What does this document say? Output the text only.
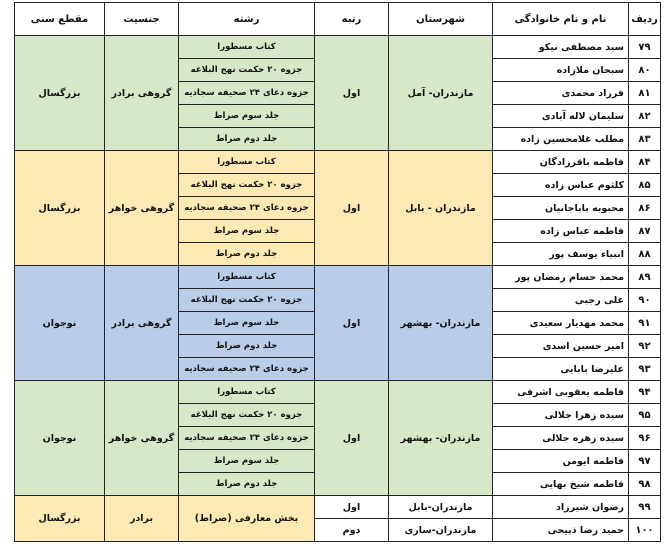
ردیف	نام و نام خانوادگی	شهرستان	رتبه	رشته	جنسیت	مقطع سنی
۷۹	سید مصطفی نیکو	مازندران- آمل	اول	کتاب مسطورا	گروهی برادر	بزرگسال
۸۰	سبحان ملازاده			جزوه ۲۰ حکمت نهج البلاغه		
۸۱	فرزاد محمدی			جزوه دعای ۲۴ صحیفه سجادیه		
۸۲	سلیمان لاله آبادی			جلد سوم صراط		
۸۳	مطلب غلامحسین زاده			جلد دوم صراط		
۸۴	فاطمه باقرزادگان	مازندران - بابل	اول	کتاب مسطورا	گروهی خواهر	بزرگسال
۸۵	کلثوم عباس زاده			جزوه ۲۰ حکمت نهج البلاغه		
۸۶	محبوبه باباجانیان			جزوه دعای ۲۴ صحیفه سجادیه		
۸۷	فاطمه عباس زاده			جلد سوم صراط		
۸۸	انبیاء یوسف پور			جلد دوم صراط		
۸۹	محمد حسام رمضان پور	مازندران- بهشهر	اول	کتاب مسطورا	گروهی برادر	نوجوان
۹۰	علی رجبی			جزوه ۲۰ حکمت نهج البلاغه		
۹۱	محمد مهدیار سعیدی			جلد سوم صراط		
۹۲	امیر حسین اسدی			جلد دوم صراط		
۹۳	علیرضا بابایی			جزوه دعای ۲۴ صحیفه سجادیه		
۹۴	فاطمه یعقوبی اشرفی	مازندران- بهشهر	اول	کتاب مسطورا	گروهی خواهر	نوجوان
۹۵	سیده زهرا جلالی			جزوه ۲۰ حکمت نهج البلاغه		
۹۶	سیده زهره جلالی			جزوه دعای ۲۴ صحیفه سجادیه		
۹۷	فاطمه ایومن			جلد سوم صراط		
۹۸	فاطمه شیخ بهایی			جلد دوم صراط		
۹۹	رضوان شیرزاد	مازندران-بابل	اول	بخش معارفی (صراط)	برادر	بزرگسال
۱۰۰	حمید رضا ذبیحی	مازندران-ساری	دوم			
